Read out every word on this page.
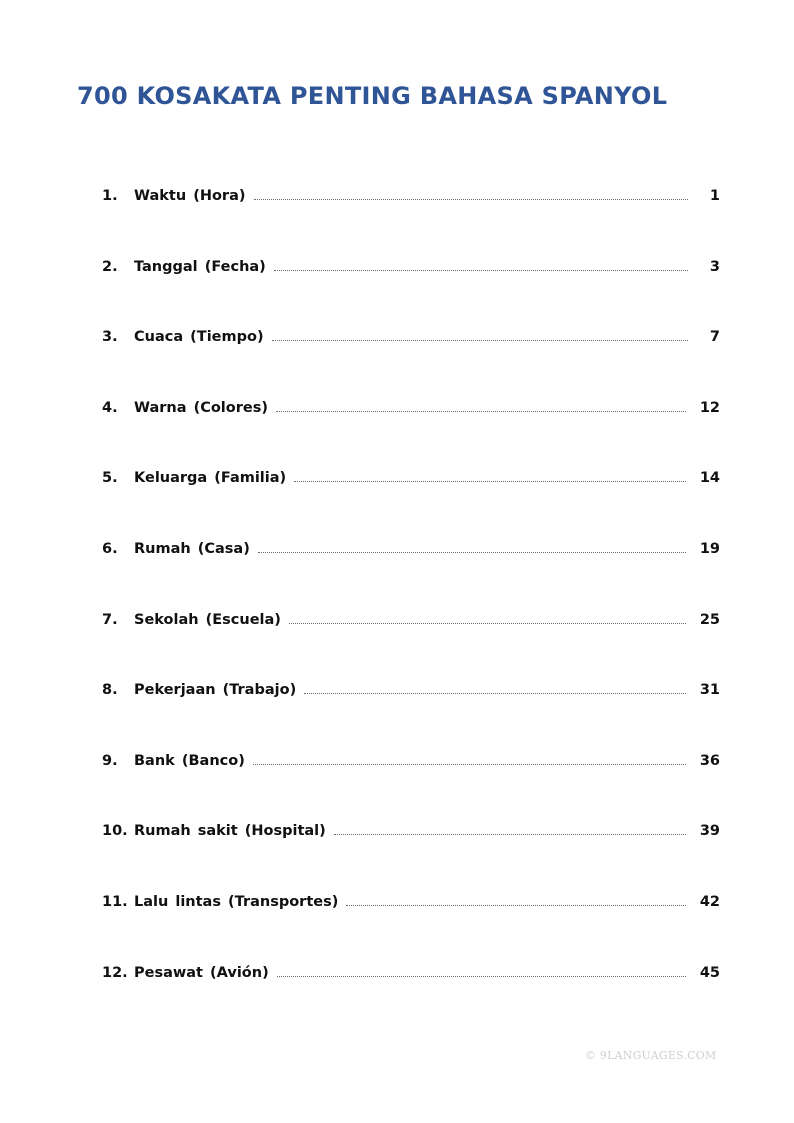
700 KOSAKATA PENTING BAHASA SPANYOL
1.	Waktu (Hora)	1
2.	Tanggal (Fecha)	3
3.	Cuaca (Tiempo)	7
4.	Warna (Colores)	12
5.	Keluarga (Familia)	14
6.	Rumah (Casa)	19
7.	Sekolah (Escuela)	25
8.	Pekerjaan (Trabajo)	31
9.	Bank (Banco)	36
10. Rumah sakit (Hospital)	39
11. Lalu lintas (Transportes)	42
12. Pesawat (Avión)	45
© 9LANGUAGES.COM
